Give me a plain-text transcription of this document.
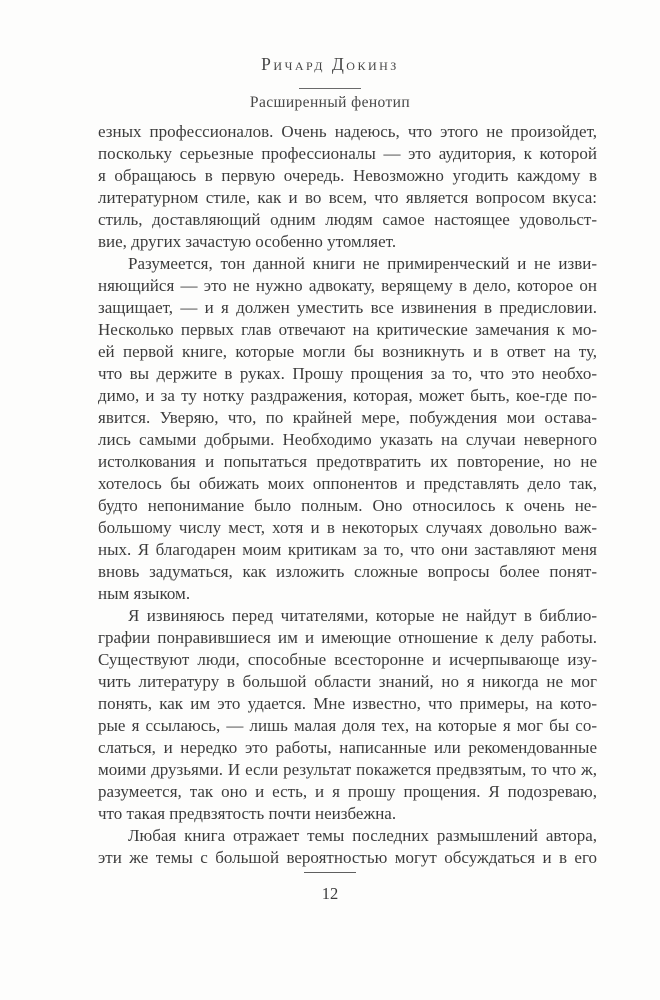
Ричард Докинз
Расширенный фенотип
езных профессионалов. Очень надеюсь, что этого не произойдет,
поскольку серьезные профессионалы — это аудитория, к которой
я обращаюсь в первую очередь. Невозможно угодить каждому в
литературном стиле, как и во всем, что является вопросом вкуса:
стиль, доставляющий одним людям самое настоящее удовольст-
вие, других зачастую особенно утомляет.
Разумеется, тон данной книги не примиренческий и не изви-
няющийся — это не нужно адвокату, верящему в дело, которое он
защищает, — и я должен уместить все извинения в предисловии.
Несколько первых глав отвечают на критические замечания к мо-
ей первой книге, которые могли бы возникнуть и в ответ на ту,
что вы держите в руках. Прошу прощения за то, что это необхо-
димо, и за ту нотку раздражения, которая, может быть, кое-где по-
явится. Уверяю, что, по крайней мере, побуждения мои остава-
лись самыми добрыми. Необходимо указать на случаи неверного
истолкования и попытаться предотвратить их повторение, но не
хотелось бы обижать моих оппонентов и представлять дело так,
будто непонимание было полным. Оно относилось к очень не-
большому числу мест, хотя и в некоторых случаях довольно важ-
ных. Я благодарен моим критикам за то, что они заставляют меня
вновь задуматься, как изложить сложные вопросы более понят-
ным языком.
Я извиняюсь перед читателями, которые не найдут в библио-
графии понравившиеся им и имеющие отношение к делу работы.
Существуют люди, способные всесторонне и исчерпывающе изу-
чить литературу в большой области знаний, но я никогда не мог
понять, как им это удается. Мне известно, что примеры, на кото-
рые я ссылаюсь, — лишь малая доля тех, на которые я мог бы со-
слаться, и нередко это работы, написанные или рекомендованные
моими друзьями. И если результат покажется предвзятым, то что ж,
разумеется, так оно и есть, и я прошу прощения. Я подозреваю,
что такая предвзятость почти неизбежна.
Любая книга отражает темы последних размышлений автора,
эти же темы с большой вероятностью могут обсуждаться и в его
12
